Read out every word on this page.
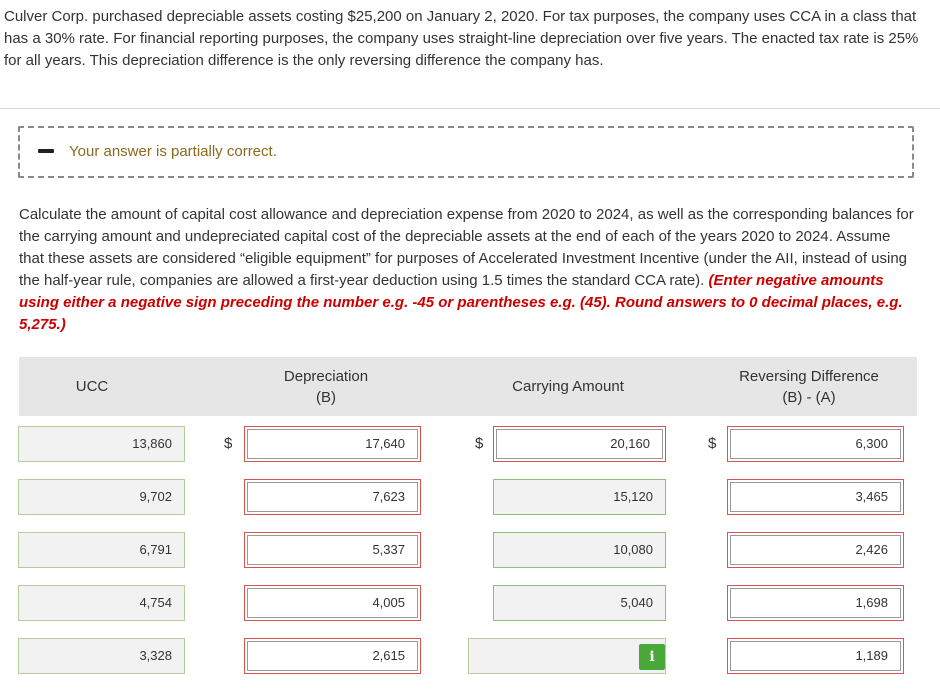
Culver Corp. purchased depreciable assets costing $25,200 on January 2, 2020. For tax purposes, the company uses CCA in a class that has a 30% rate. For financial reporting purposes, the company uses straight-line depreciation over five years. The enacted tax rate is 25% for all years. This depreciation difference is the only reversing difference the company has.
Your answer is partially correct.
Calculate the amount of capital cost allowance and depreciation expense from 2020 to 2024, as well as the corresponding balances for the carrying amount and undepreciated capital cost of the depreciable assets at the end of each of the years 2020 to 2024. Assume that these assets are considered “eligible equipment” for purposes of Accelerated Investment Incentive (under the AII, instead of using the half-year rule, companies are allowed a first-year deduction using 1.5 times the standard CCA rate). (Enter negative amounts using either a negative sign preceding the number e.g. -45 or parentheses e.g. (45). Round answers to 0 decimal places, e.g. 5,275.)
UCC
Depreciation
(B)
Carrying Amount
Reversing Difference
(B) - (A)
13,860	$	17,640	$	20,160	$	6,300
9,702	7,623	15,120	3,465
6,791	5,337	10,080	2,426
4,754	4,005	5,040	1,698
3,328	2,615	i	1,189
